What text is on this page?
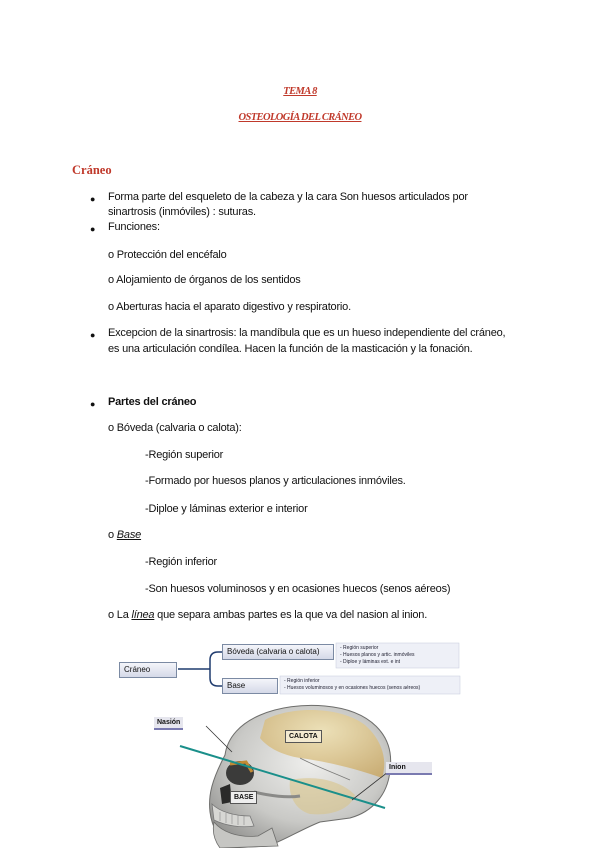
TEMA 8
OSTEOLOGÍA DEL CRÁNEO
Cráneo
● Forma parte del esqueleto de la cabeza y la cara Son huesos articulados por
sinartrosis (inmóviles) : suturas.
● Funciones:
o Protección del encéfalo
o Alojamiento de órganos de los sentidos
o Aberturas hacia el aparato digestivo y respiratorio.
● Excepcion de la sinartrosis: la mandíbula que es un hueso independiente del cráneo,
es una articulación condílea. Hacen la función de la masticación y la fonación.
● Partes del cráneo
o Bóveda (calvaria o calota):
-Región superior
-Formado por huesos planos y articulaciones inmóviles.
-Diploe y láminas exterior e interior
o Base
-Región inferior
-Son huesos voluminosos y en ocasiones huecos (senos aéreos)
o La línea que separa ambas partes es la que va del nasion al inion.
Cráneo
Bóveda (calvaria o calota)
Base
- Región superior
- Huesos planos y artic. inmóviles
- Diploe y láminas ext. e int
- Región inferior
- Huesos voluminosos y en ocasiones huecos (senos aéreos)
Nasión
Inion
CALOTA
BASE
